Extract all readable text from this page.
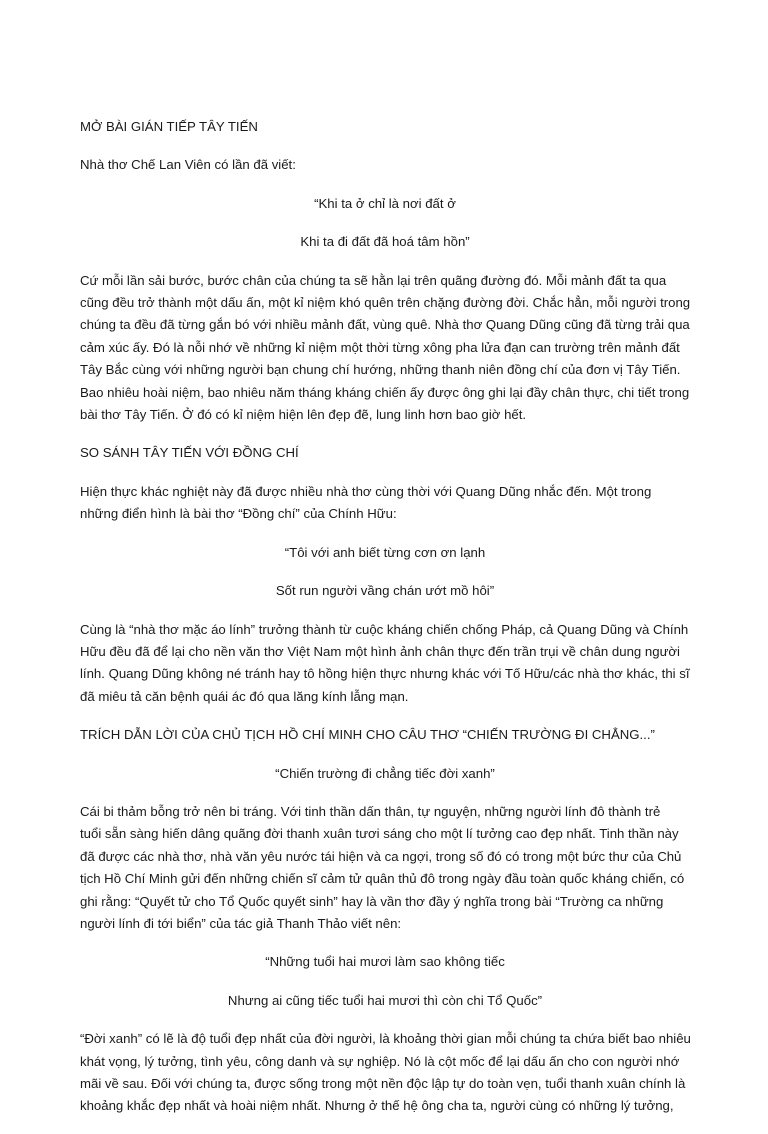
MỞ BÀI GIÁN TIẾP TÂY TIẾN
Nhà thơ Chế Lan Viên có lần đã viết:
“Khi ta ở chỉ là nơi đất ở
Khi ta đi đất đã hoá tâm hồn”
Cứ mỗi lần sải bước, bước chân của chúng ta sẽ hằn lại trên quãng đường đó. Mỗi mảnh đất ta qua
cũng đều trở thành một dấu ấn, một kỉ niệm khó quên trên chặng đường đời. Chắc hẳn, mỗi người trong
chúng ta đều đã từng gắn bó với nhiều mảnh đất, vùng quê. Nhà thơ Quang Dũng cũng đã từng trải qua
cảm xúc ấy. Đó là nỗi nhớ về những kỉ niệm một thời từng xông pha lửa đạn can trường trên mảnh đất
Tây Bắc cùng với những người bạn chung chí hướng, những thanh niên đồng chí của đơn vị Tây Tiến.
Bao nhiêu hoài niệm, bao nhiêu năm tháng kháng chiến ấy được ông ghi lại đầy chân thực, chi tiết trong
bài thơ Tây Tiến. Ở đó có kỉ niệm hiện lên đẹp đẽ, lung linh hơn bao giờ hết.
SO SÁNH TÂY TIẾN VỚI ĐỒNG CHÍ
Hiện thực khác nghiệt này đã được nhiều nhà thơ cùng thời với Quang Dũng nhắc đến. Một trong
những điển hình là bài thơ “Đồng chí” của Chính Hữu:
“Tôi với anh biết từng cơn ơn lạnh
Sốt run người vầng chán ướt mồ hôi”
Cùng là “nhà thơ mặc áo lính” trưởng thành từ cuộc kháng chiến chống Pháp, cả Quang Dũng và Chính
Hữu đều đã để lại cho nền văn thơ Việt Nam một hình ảnh chân thực đến trần trụi về chân dung người
lính. Quang Dũng không né tránh hay tô hồng hiện thực nhưng khác với Tố Hữu/các nhà thơ khác, thi sĩ
đã miêu tả căn bệnh quái ác đó qua lăng kính lẫng mạn.
TRÍCH DẪN LỜI CỦA CHỦ TỊCH HỒ CHÍ MINH CHO CÂU THƠ “CHIẾN TRƯỜNG ĐI CHẲNG...”
“Chiến trường đi chẳng tiếc đời xanh”
Cái bi thảm bỗng trở nên bi tráng. Với tinh thần dấn thân, tự nguyện, những người lính đô thành trẻ
tuổi sẵn sàng hiến dâng quãng đời thanh xuân tươi sáng cho một lí tưởng cao đẹp nhất. Tinh thần này
đã được các nhà thơ, nhà văn yêu nước tái hiện và ca ngợi, trong số đó có trong một bức thư của Chủ
tịch Hồ Chí Minh gửi đến những chiến sĩ cảm tử quân thủ đô trong ngày đầu toàn quốc kháng chiến, có
ghi rằng: “Quyết tử cho Tổ Quốc quyết sinh” hay là vần thơ đầy ý nghĩa trong bài “Trường ca những
người lính đi tới biển” của tác giả Thanh Thảo viết nên:
“Những tuổi hai mươi làm sao không tiếc
Nhưng ai cũng tiếc tuổi hai mươi thì còn chi Tổ Quốc”
“Đời xanh” có lẽ là độ tuổi đẹp nhất của đời người, là khoảng thời gian mỗi chúng ta chứa biết bao nhiêu
khát vọng, lý tưởng, tình yêu, công danh và sự nghiệp. Nó là cột mốc để lại dấu ấn cho con người nhớ
mãi về sau. Đối với chúng ta, được sống trong một nền độc lập tự do toàn vẹn, tuổi thanh xuân chính là
khoảng khắc đẹp nhất và hoài niệm nhất. Nhưng ở thế hệ ông cha ta, người cùng có những lý tưởng,
